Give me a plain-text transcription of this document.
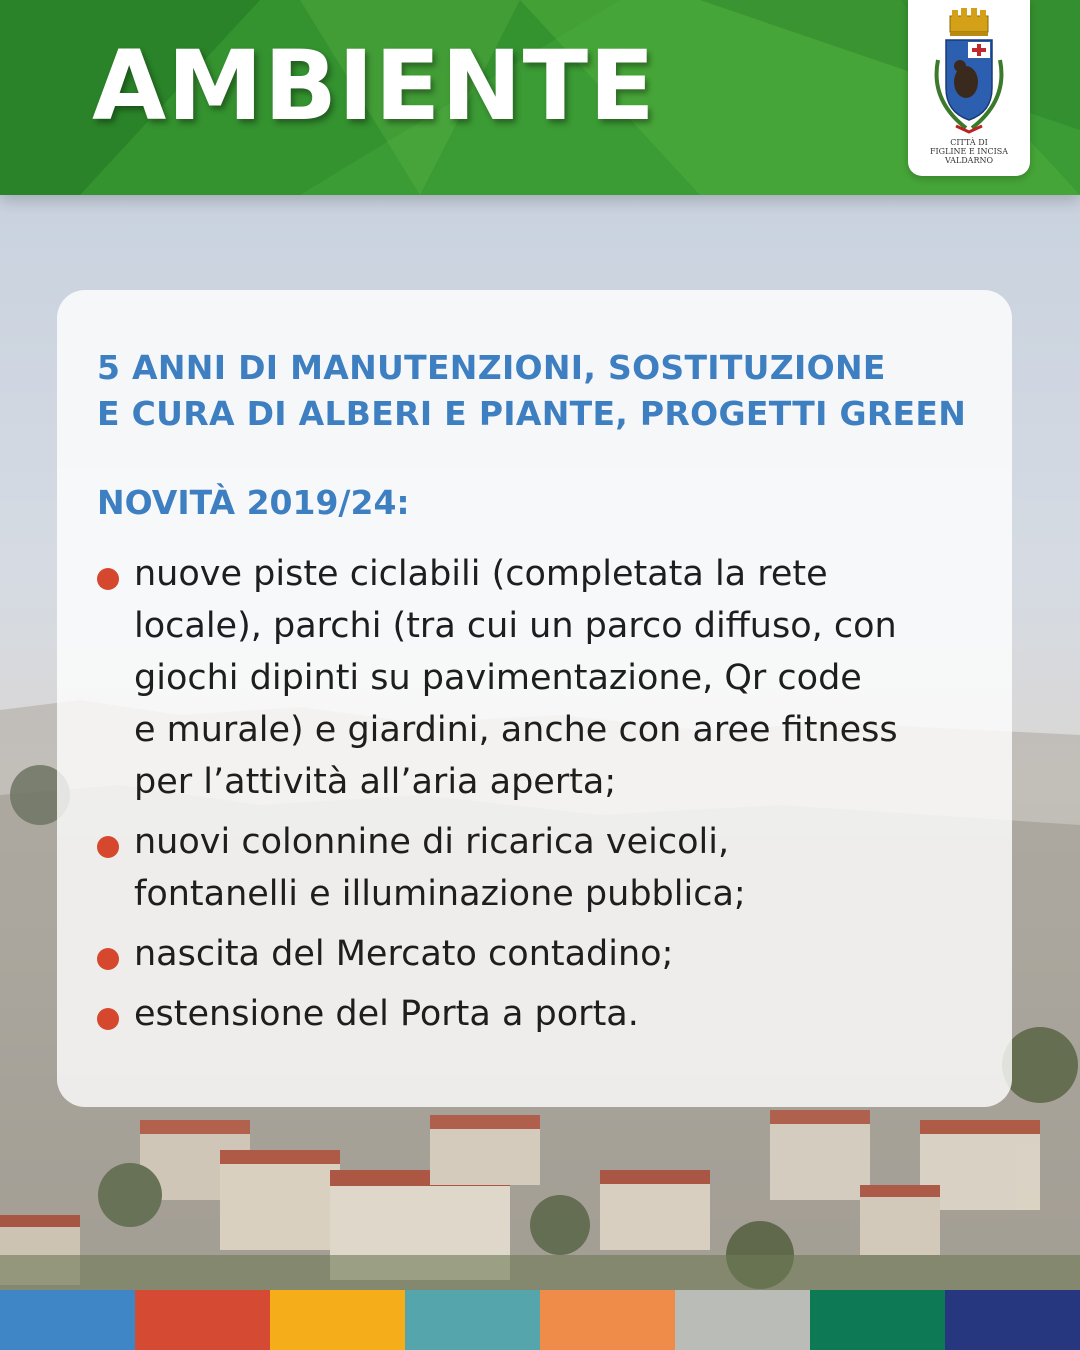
AMBIENTE
CITTÀ DI
FIGLINE E INCISA
VALDARNO
5 ANNI DI MANUTENZIONI, SOSTITUZIONE
E CURA DI ALBERI E PIANTE, PROGETTI GREEN
NOVITÀ 2019/24:
nuove piste ciclabili (completata la rete
locale), parchi (tra cui un parco diffuso, con
giochi dipinti su pavimentazione, Qr code
e murale) e giardini, anche con aree fitness
per l’attività all’aria aperta;
nuovi colonnine di ricarica veicoli,
fontanelli e illuminazione pubblica;
nascita del Mercato contadino;
estensione del Porta a porta.
